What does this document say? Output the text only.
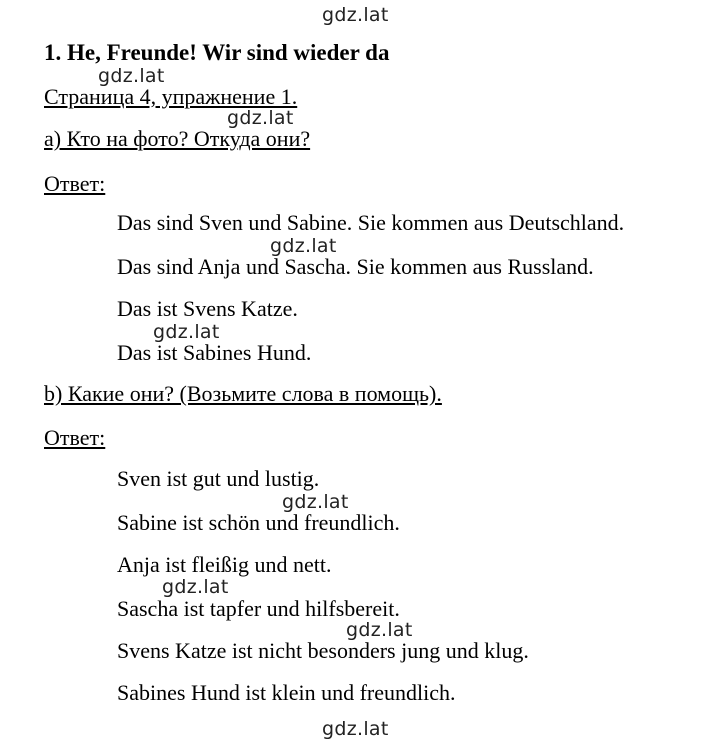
1. He, Freunde! Wir sind wieder da
Страница 4, упражнение 1.
а) Кто на фото? Откуда они?
Ответ:
Das sind Sven und Sabine. Sie kommen aus Deutschland.
Das sind Anja und Sascha. Sie kommen aus Russland.
Das ist Svens Katze.
Das ist Sabines Hund.
b) Какие они? (Возьмите слова в помощь).
Ответ:
Sven ist gut und lustig.
Sabine ist schön und freundlich.
Anja ist fleißig und nett.
Sascha ist tapfer und hilfsbereit.
Svens Katze ist nicht besonders jung und klug.
Sabines Hund ist klein und freundlich.
gdz.lat
gdz.lat
gdz.lat
gdz.lat
gdz.lat
gdz.lat
gdz.lat
gdz.lat
gdz.lat
